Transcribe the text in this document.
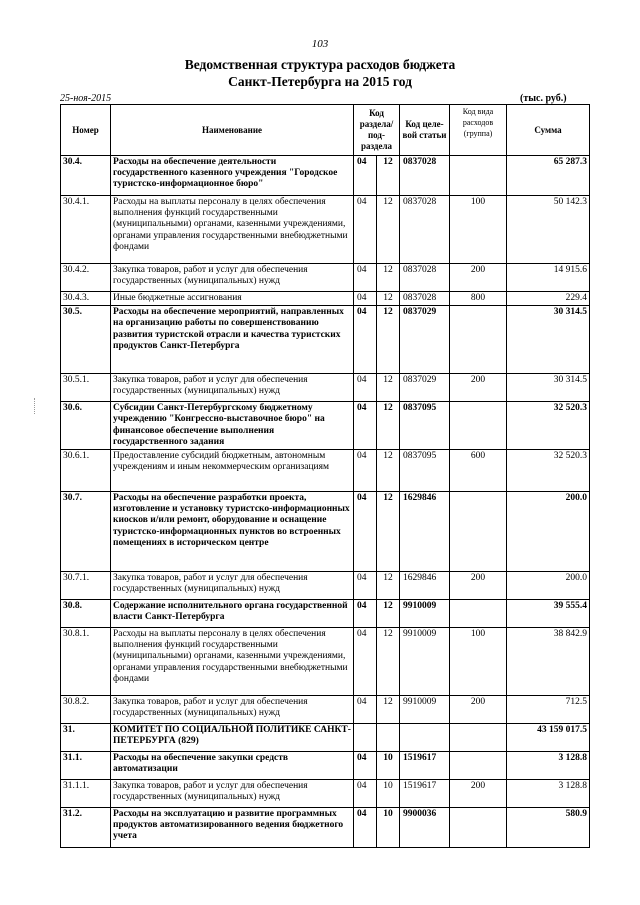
103
Ведомственная структура расходов бюджета
Санкт-Петербурга на 2015 год
25-ноя-2015	(тыс. руб.)
Номер	Наименование	Код раздела/ под- раздела		Код целе- вой статьи	Код вида расходов (группа)	Сумма
30.4.	Расходы на обеспечение деятельности государственного казенного учреждения "Городское туристско-информационное бюро"	04	12	0837028		65 287.3
30.4.1.	Расходы на выплаты персоналу в целях обеспечения выполнения функций государственными (муниципальными) органами, казенными учреждениями, органами управления государственными внебюджетными фондами	04	12	0837028	100	50 142.3
30.4.2.	Закупка товаров, работ и услуг для обеспечения государственных (муниципальных) нужд	04	12	0837028	200	14 915.6
30.4.3.	Иные бюджетные ассигнования	04	12	0837028	800	229.4
30.5.	Расходы на обеспечение мероприятий, направленных на организацию работы по совершенствованию развития туристской отрасли и качества туристских продуктов Санкт-Петербурга	04	12	0837029		30 314.5
30.5.1.	Закупка товаров, работ и услуг для обеспечения государственных (муниципальных) нужд	04	12	0837029	200	30 314.5
30.6.	Субсидии Санкт-Петербургскому бюджетному учреждению "Конгрессно-выставочное бюро" на финансовое обеспечение выполнения государственного задания	04	12	0837095		32 520.3
30.6.1.	Предоставление субсидий бюджетным, автономным учреждениям и иным некоммерческим организациям	04	12	0837095	600	32 520.3
30.7.	Расходы на обеспечение разработки проекта, изготовление и установку туристско-информационных киосков и/или ремонт, оборудование и оснащение туристско-информационных пунктов во встроенных помещениях в историческом центре	04	12	1629846		200.0
30.7.1.	Закупка товаров, работ и услуг для обеспечения государственных (муниципальных) нужд	04	12	1629846	200	200.0
30.8.	Содержание исполнительного органа государственной власти Санкт-Петербурга	04	12	9910009		39 555.4
30.8.1.	Расходы на выплаты персоналу в целях обеспечения выполнения функций государственными (муниципальными) органами, казенными учреждениями, органами управления государственными внебюджетными фондами	04	12	9910009	100	38 842.9
30.8.2.	Закупка товаров, работ и услуг для обеспечения государственных (муниципальных) нужд	04	12	9910009	200	712.5
31.	КОМИТЕТ ПО СОЦИАЛЬНОЙ ПОЛИТИКЕ САНКТ-ПЕТЕРБУРГА (829)					43 159 017.5
31.1.	Расходы на обеспечение закупки средств автоматизации	04	10	1519617		3 128.8
31.1.1.	Закупка товаров, работ и услуг для обеспечения государственных (муниципальных) нужд	04	10	1519617	200	3 128.8
31.2.	Расходы на эксплуатацию и развитие программных продуктов автоматизированного ведения бюджетного учета	04	10	9900036		580.9
